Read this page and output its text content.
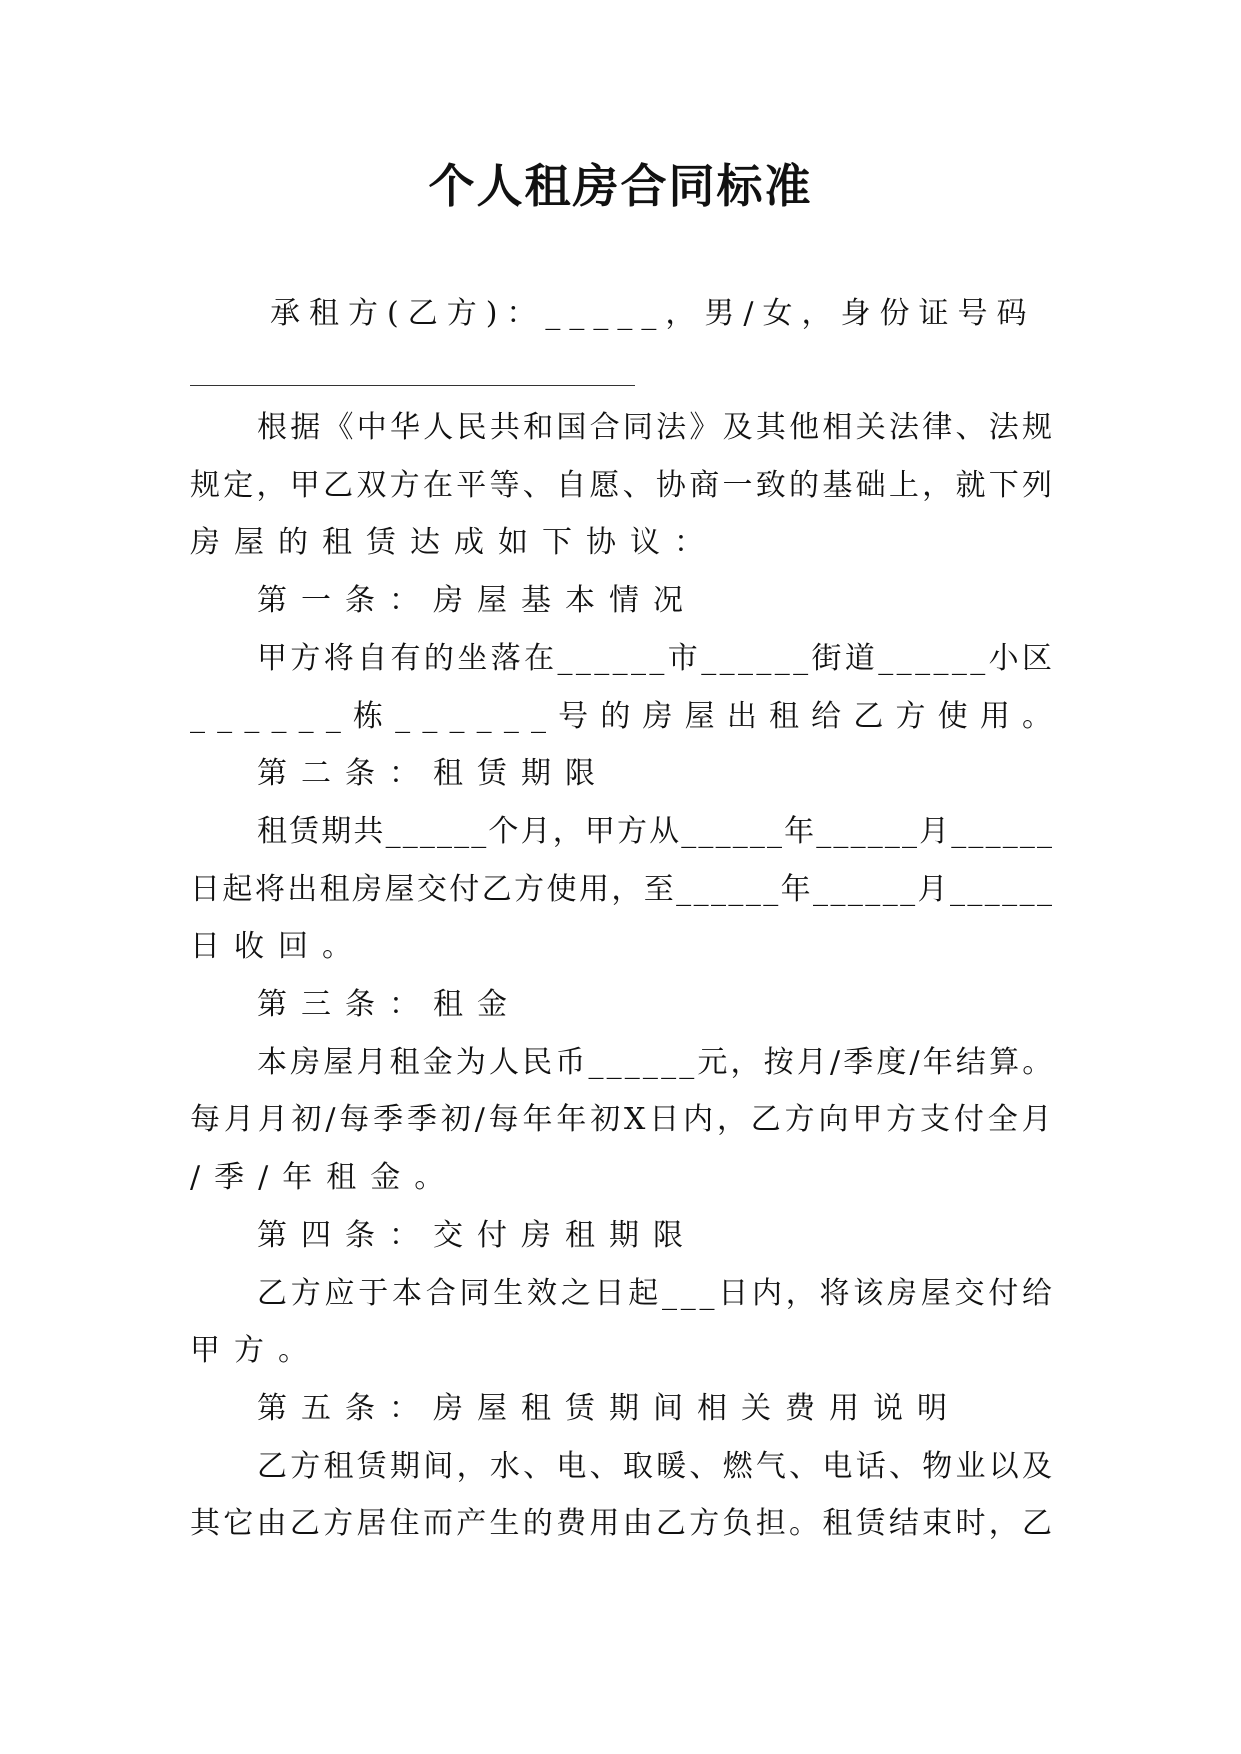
个人租房合同标准
承租方(乙方)：_____，男/女，身份证号码
根据《中华人民共和国合同法》及其他相关法律、法规
规定，甲乙双方在平等、自愿、协商一致的基础上，就下列
房屋的租赁达成如下协议：
第一条：房屋基本情况
甲方将自有的坐落在______市______街道______小区
______栋______号的房屋出租给乙方使用。
第二条：租赁期限
租赁期共______个月，甲方从______年______月______
日起将出租房屋交付乙方使用，至______年______月______
日收回。
第三条：租金
本房屋月租金为人民币______元，按月/季度/年结算。
每月月初/每季季初/每年年初X日内，乙方向甲方支付全月
/季/年租金。
第四条：交付房租期限
乙方应于本合同生效之日起___日内，将该房屋交付给
甲方。
第五条：房屋租赁期间相关费用说明
乙方租赁期间，水、电、取暖、燃气、电话、物业以及
其它由乙方居住而产生的费用由乙方负担。租赁结束时，乙
